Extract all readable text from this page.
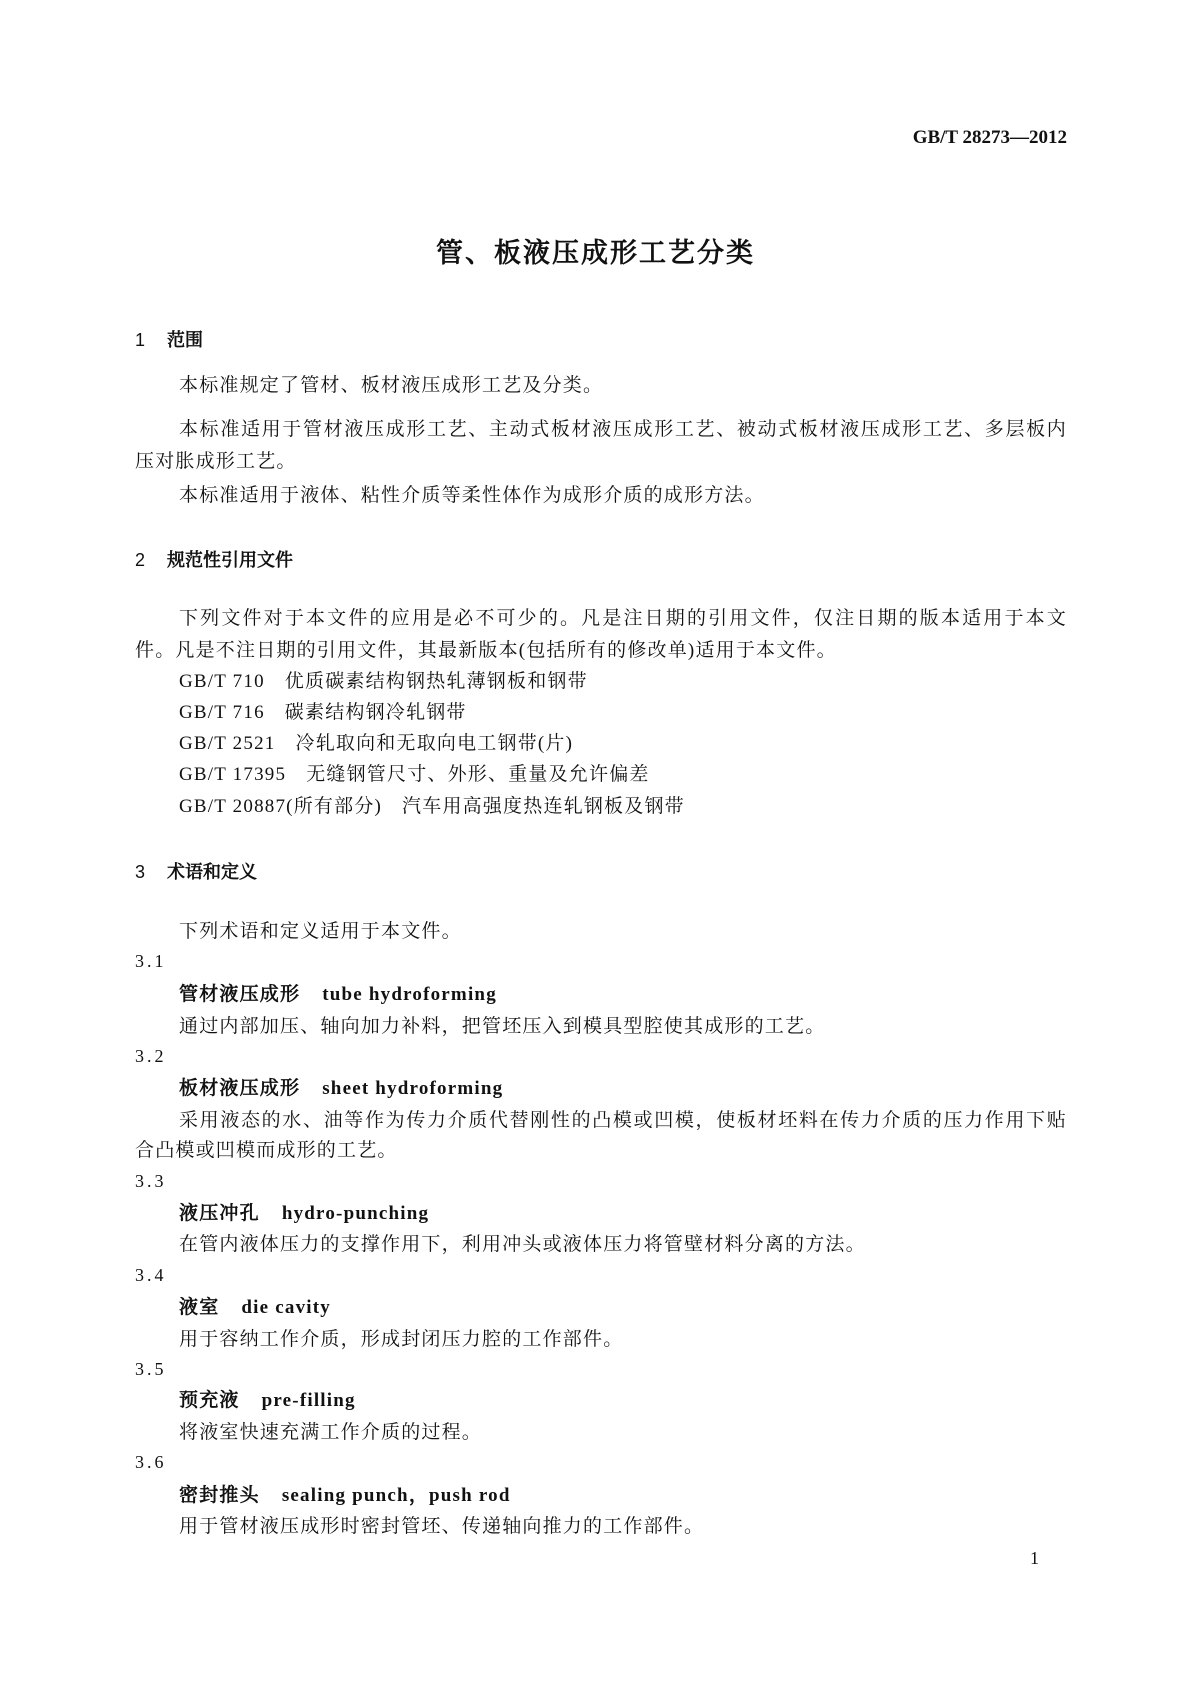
GB/T 28273—2012
管、板液压成形工艺分类
1 范围
本标准规定了管材、板材液压成形工艺及分类。
本标准适用于管材液压成形工艺、主动式板材液压成形工艺、被动式板材液压成形工艺、多层板内
压对胀成形工艺。
本标准适用于液体、粘性介质等柔性体作为成形介质的成形方法。
2 规范性引用文件
下列文件对于本文件的应用是必不可少的。凡是注日期的引用文件，仅注日期的版本适用于本文
件。凡是不注日期的引用文件，其最新版本(包括所有的修改单)适用于本文件。
GB/T 710 优质碳素结构钢热轧薄钢板和钢带
GB/T 716 碳素结构钢冷轧钢带
GB/T 2521 冷轧取向和无取向电工钢带(片)
GB/T 17395 无缝钢管尺寸、外形、重量及允许偏差
GB/T 20887(所有部分) 汽车用高强度热连轧钢板及钢带
3 术语和定义
下列术语和定义适用于本文件。
3.1
管材液压成形 tube hydroforming
通过内部加压、轴向加力补料，把管坯压入到模具型腔使其成形的工艺。
3.2
板材液压成形 sheet hydroforming
采用液态的水、油等作为传力介质代替刚性的凸模或凹模，使板材坯料在传力介质的压力作用下贴
合凸模或凹模而成形的工艺。
3.3
液压冲孔 hydro-punching
在管内液体压力的支撑作用下，利用冲头或液体压力将管壁材料分离的方法。
3.4
液室 die cavity
用于容纳工作介质，形成封闭压力腔的工作部件。
3.5
预充液 pre-filling
将液室快速充满工作介质的过程。
3.6
密封推头 sealing punch，push rod
用于管材液压成形时密封管坯、传递轴向推力的工作部件。
1
